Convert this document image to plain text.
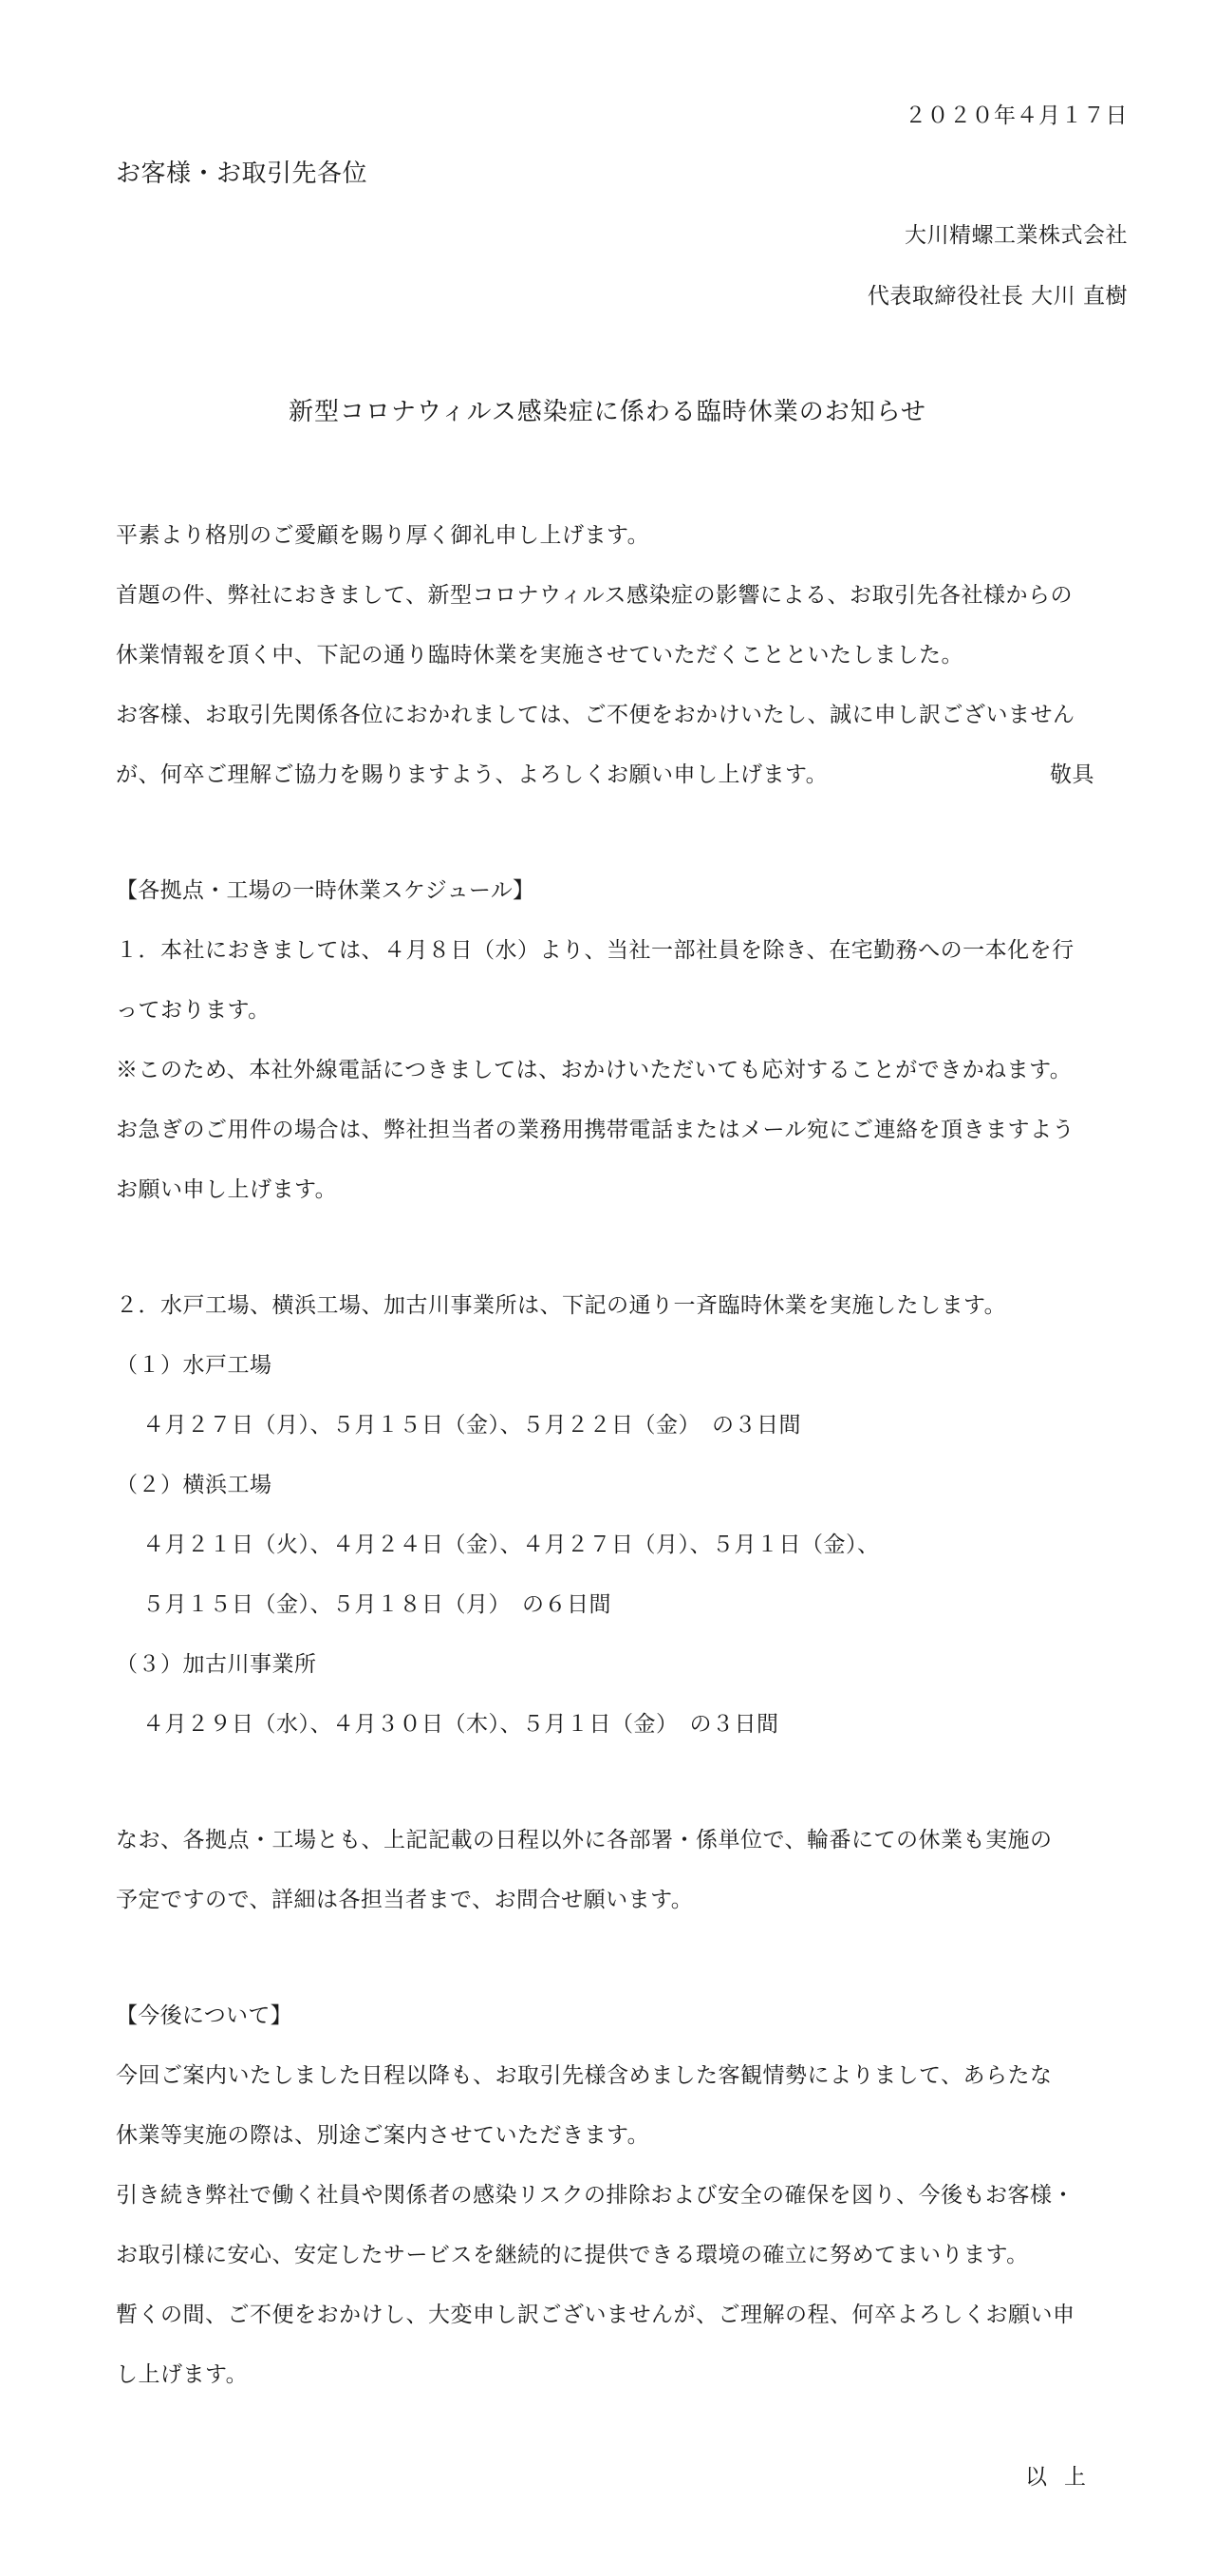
２０２０年４月１７日
お客様・お取引先各位
大川精螺工業株式会社
代表取締役社長 大川 直樹
新型コロナウィルス感染症に係わる臨時休業のお知らせ
平素より格別のご愛顧を賜り厚く御礼申し上げます。
首題の件、弊社におきまして、新型コロナウィルス感染症の影響による、お取引先各社様からの
休業情報を頂く中、下記の通り臨時休業を実施させていただくことといたしました。
お客様、お取引先関係各位におかれましては、ご不便をおかけいたし、誠に申し訳ございません
が、何卒ご理解ご協力を賜りますよう、よろしくお願い申し上げます。	敬具
【各拠点・工場の一時休業スケジュール】
１．本社におきましては、４月８日（水）より、当社一部社員を除き、在宅勤務への一本化を行
っております。
※このため、本社外線電話につきましては、おかけいただいても応対することができかねます。
お急ぎのご用件の場合は、弊社担当者の業務用携帯電話またはメール宛にご連絡を頂きますよう
お願い申し上げます。
２．水戸工場、横浜工場、加古川事業所は、下記の通り一斉臨時休業を実施したします。
（１）水戸工場
４月２７日（月）、５月１５日（金）、５月２２日（金）　の３日間
（２）横浜工場
４月２１日（火）、４月２４日（金）、４月２７日（月）、５月１日（金）、
５月１５日（金）、５月１８日（月）　の６日間
（３）加古川事業所
４月２９日（水）、４月３０日（木）、５月１日（金）　の３日間
なお、各拠点・工場とも、上記記載の日程以外に各部署・係単位で、輪番にての休業も実施の
予定ですので、詳細は各担当者まで、お問合せ願います。
【今後について】
今回ご案内いたしました日程以降も、お取引先様含めました客観情勢によりまして、あらたな
休業等実施の際は、別途ご案内させていただきます。
引き続き弊社で働く社員や関係者の感染リスクの排除および安全の確保を図り、今後もお客様・
お取引様に安心、安定したサービスを継続的に提供できる環境の確立に努めてまいります。
暫くの間、ご不便をおかけし、大変申し訳ございませんが、ご理解の程、何卒よろしくお願い申
し上げます。
以上
